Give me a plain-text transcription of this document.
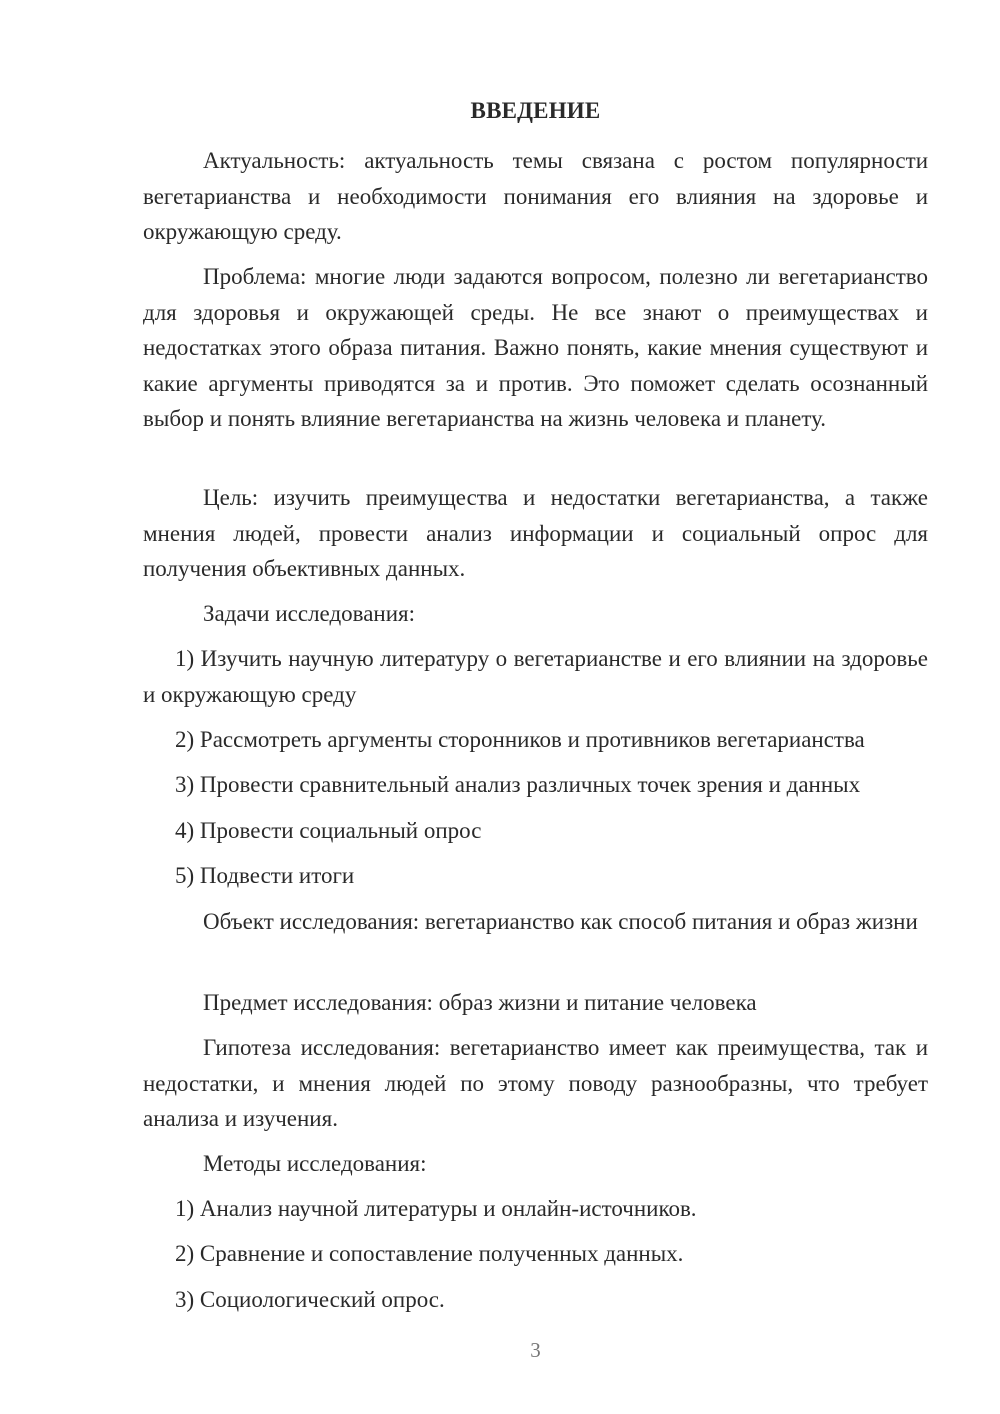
ВВЕДЕНИЕ

Актуальность: актуальность темы связана с ростом популярности вегетарианства и необходимости понимания его влияния на здоровье и окружающую среду.

Проблема: многие люди задаются вопросом, полезно ли вегетарианство для здоровья и окружающей среды. Не все знают о преимуществах и недостатках этого образа питания. Важно понять, какие мнения существуют и какие аргументы приводятся за и против. Это поможет сделать осознанный выбор и понять влияние вегетарианства на жизнь человека и планету.

Цель: изучить преимущества и недостатки вегетарианства, а также мнения людей, провести анализ информации и социальный опрос для получения объективных данных.

Задачи исследования:

1) Изучить научную литературу о вегетарианстве и его влиянии на здоровье и окружающую среду

2) Рассмотреть аргументы сторонников и противников вегетарианства

3) Провести сравнительный анализ различных точек зрения и данных

4) Провести социальный опрос

5) Подвести итоги

Объект исследования: вегетарианство как способ питания и образ жизни

Предмет исследования: образ жизни и питание человека

Гипотеза исследования: вегетарианство имеет как преимущества, так и недостатки, и мнения людей по этому поводу разнообразны, что требует анализа и изучения.

Методы исследования:

1) Анализ научной литературы и онлайн-источников.

2) Сравнение и сопоставление полученных данных.

3) Социологический опрос.

3
